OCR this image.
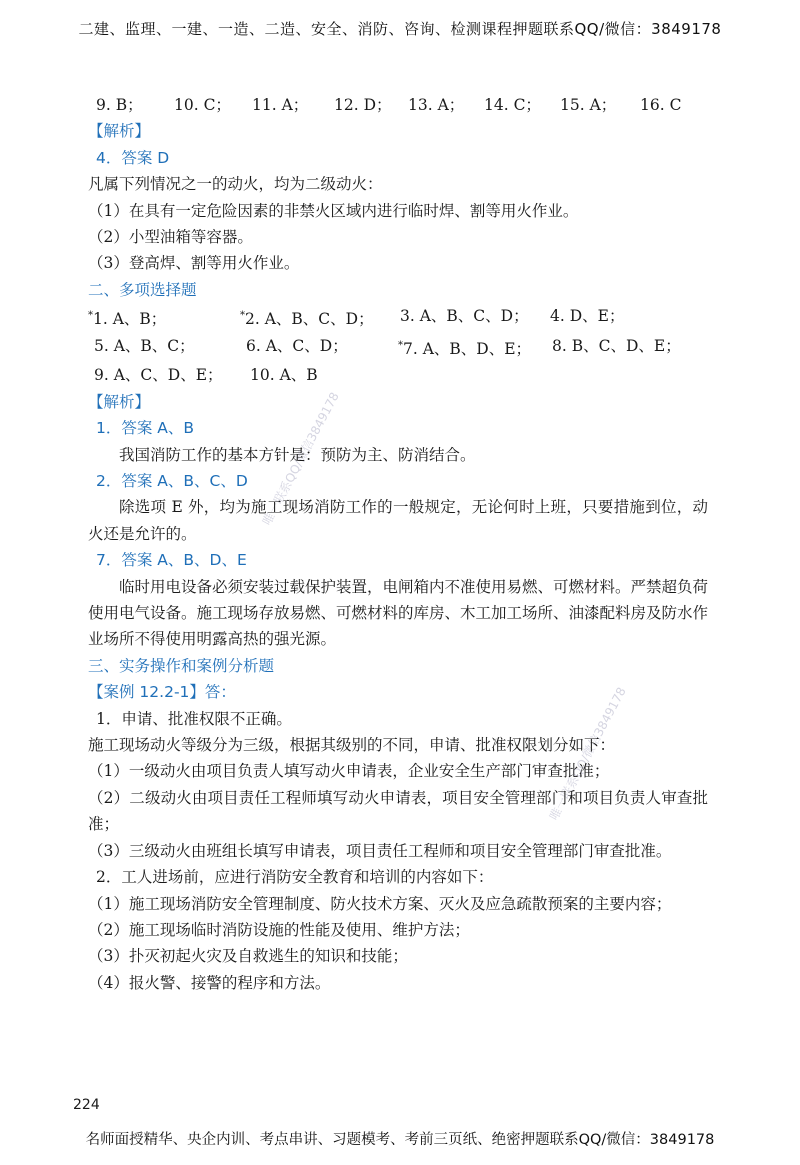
二建、监理、一建、一造、二造、安全、消防、咨询、检测课程押题联系QQ/微信：3849178
唯一联系QQ/微信3849178
唯一联系QQ/微信3849178
9. B；	10. C；	11. A；	12. D；	13. A；	14. C；	15. A；	16. C
【解析】
4．答案 D
凡属下列情况之一的动火，均为二级动火：
（1）在具有一定危险因素的非禁火区域内进行临时焊、割等用火作业。
（2）小型油箱等容器。
（3）登高焊、割等用火作业。
二、多项选择题
*1. A、B；	*2. A、B、C、D；	3. A、B、C、D；	4. D、E；
5. A、B、C；	6. A、C、D；	*7. A、B、D、E；	8. B、C、D、E；
9. A、C、D、E；	10. A、B
【解析】
1．答案 A、B
我国消防工作的基本方针是：预防为主、防消结合。
2．答案 A、B、C、D
除选项 E 外，均为施工现场消防工作的一般规定，无论何时上班，只要措施到位，动火还是允许的。
7．答案 A、B、D、E
临时用电设备必须安装过载保护装置，电闸箱内不准使用易燃、可燃材料。严禁超负荷使用电气设备。施工现场存放易燃、可燃材料的库房、木工加工场所、油漆配料房及防水作业场所不得使用明露高热的强光源。
三、实务操作和案例分析题
【案例 12.2-1】答：
1．申请、批准权限不正确。
施工现场动火等级分为三级，根据其级别的不同，申请、批准权限划分如下：
（1）一级动火由项目负责人填写动火申请表，企业安全生产部门审查批准；
（2）二级动火由项目责任工程师填写动火申请表，项目安全管理部门和项目负责人审查批准；
（3）三级动火由班组长填写申请表，项目责任工程师和项目安全管理部门审查批准。
2．工人进场前，应进行消防安全教育和培训的内容如下：
（1）施工现场消防安全管理制度、防火技术方案、灭火及应急疏散预案的主要内容；
（2）施工现场临时消防设施的性能及使用、维护方法；
（3）扑灭初起火灾及自救逃生的知识和技能；
（4）报火警、接警的程序和方法。
224
名师面授精华、央企内训、考点串讲、习题模考、考前三页纸、绝密押题联系QQ/微信：3849178
